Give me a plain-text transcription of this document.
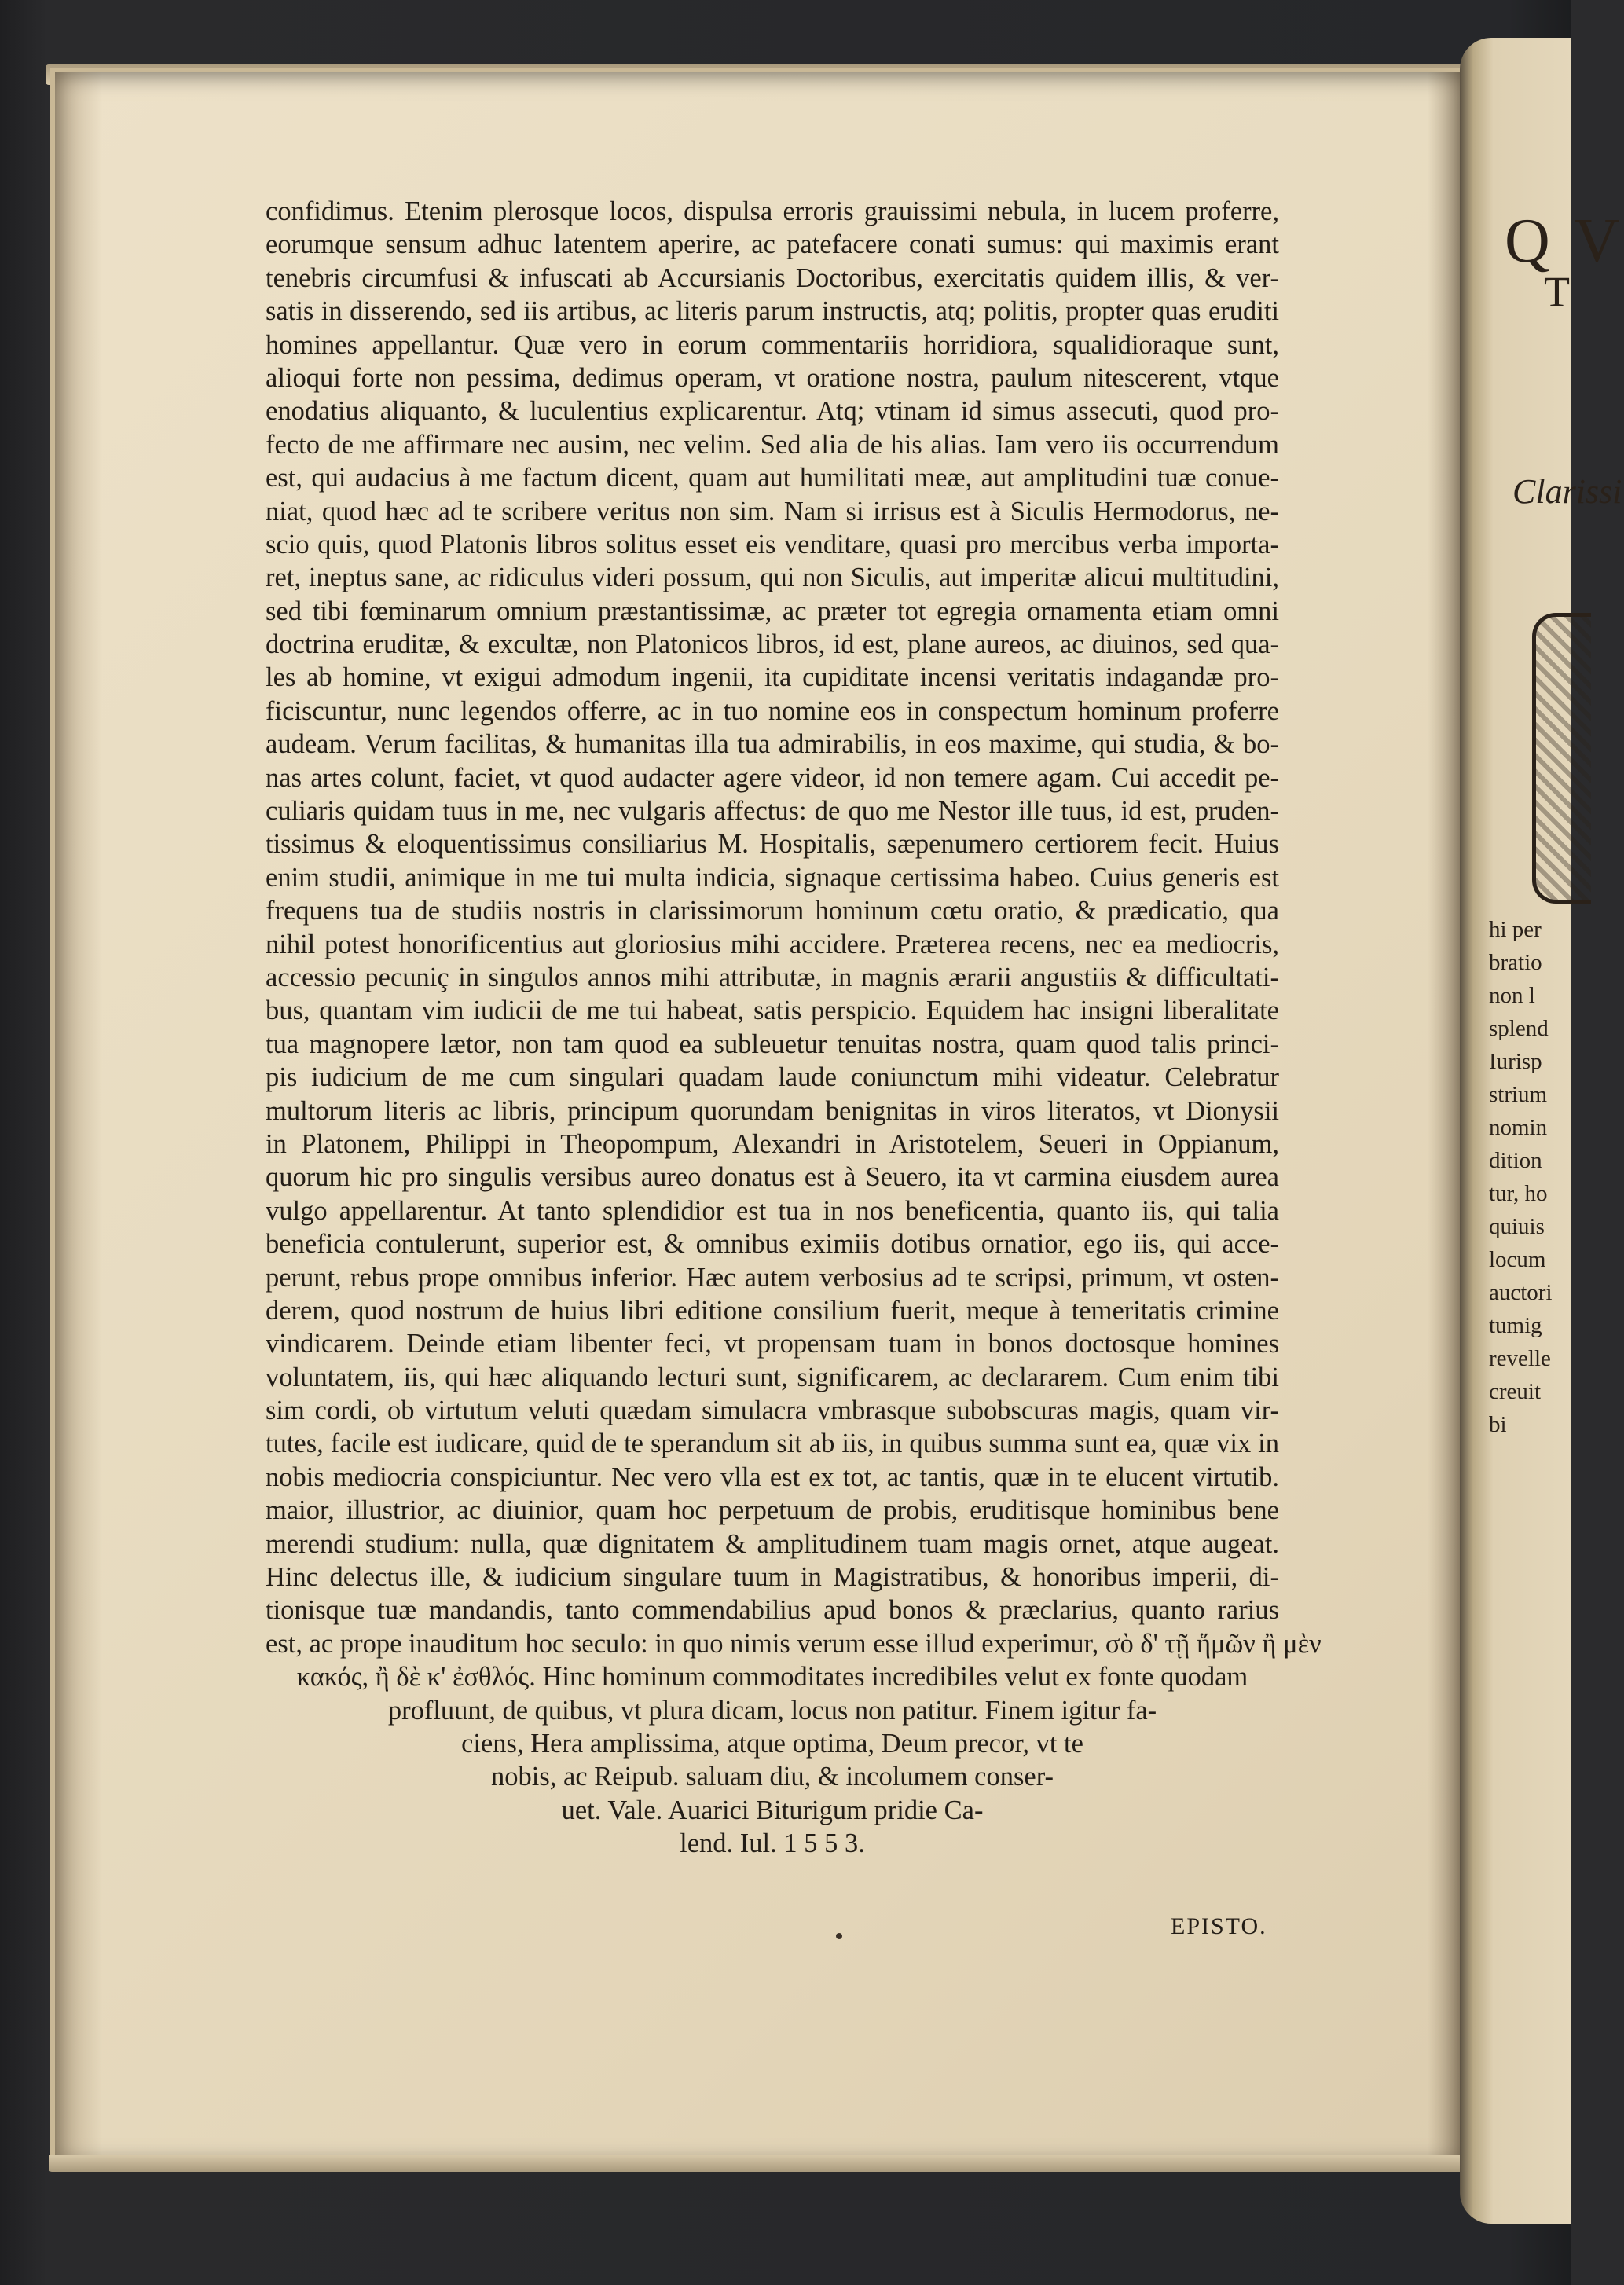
confidimus. Etenim plerosque locos, dispulsa erroris grauissimi nebula, in lucem proferre,
eorumque sensum adhuc latentem aperire, ac patefacere conati sumus: qui maximis erant
tenebris circumfusi & infuscati ab Accursianis Doctoribus, exercitatis quidem illis, & ver-
satis in disserendo, sed iis artibus, ac literis parum instructis, atq; politis, propter quas eruditi
homines appellantur. Quæ vero in eorum commentariis horridiora, squalidioraque sunt,
alioqui forte non pessima, dedimus operam, vt oratione nostra, paulum nitescerent, vtque
enodatius aliquanto, & luculentius explicarentur. Atq; vtinam id simus assecuti, quod pro-
fecto de me affirmare nec ausim, nec velim. Sed alia de his alias. Iam vero iis occurrendum
est, qui audacius à me factum dicent, quam aut humilitati meæ, aut amplitudini tuæ conue-
niat, quod hæc ad te scribere veritus non sim. Nam si irrisus est à Siculis Hermodorus, ne-
scio quis, quod Platonis libros solitus esset eis venditare, quasi pro mercibus verba importa-
ret, ineptus sane, ac ridiculus videri possum, qui non Siculis, aut imperitæ alicui multitudini,
sed tibi fœminarum omnium præstantissimæ, ac præter tot egregia ornamenta etiam omni
doctrina eruditæ, & excultæ, non Platonicos libros, id est, plane aureos, ac diuinos, sed qua-
les ab homine, vt exigui admodum ingenii, ita cupiditate incensi veritatis indagandæ pro-
ficiscuntur, nunc legendos offerre, ac in tuo nomine eos in conspectum hominum proferre
audeam. Verum facilitas, & humanitas illa tua admirabilis, in eos maxime, qui studia, & bo-
nas artes colunt, faciet, vt quod audacter agere videor, id non temere agam. Cui accedit pe-
culiaris quidam tuus in me, nec vulgaris affectus: de quo me Nestor ille tuus, id est, pruden-
tissimus & eloquentissimus consiliarius M. Hospitalis, sæpenumero certiorem fecit. Huius
enim studii, animique in me tui multa indicia, signaque certissima habeo. Cuius generis est
frequens tua de studiis nostris in clarissimorum hominum cœtu oratio, & prædicatio, qua
nihil potest honorificentius aut gloriosius mihi accidere. Præterea recens, nec ea mediocris,
accessio pecuniç in singulos annos mihi attributæ, in magnis ærarii angustiis & difficultati-
bus, quantam vim iudicii de me tui habeat, satis perspicio. Equidem hac insigni liberalitate
tua magnopere lætor, non tam quod ea subleuetur tenuitas nostra, quam quod talis princi-
pis iudicium de me cum singulari quadam laude coniunctum mihi videatur. Celebratur
multorum literis ac libris, principum quorundam benignitas in viros literatos, vt Dionysii
in Platonem, Philippi in Theopompum, Alexandri in Aristotelem, Seueri in Oppianum,
quorum hic pro singulis versibus aureo donatus est à Seuero, ita vt carmina eiusdem aurea
vulgo appellarentur. At tanto splendidior est tua in nos beneficentia, quanto iis, qui talia
beneficia contulerunt, superior est, & omnibus eximiis dotibus ornatior, ego iis, qui acce-
perunt, rebus prope omnibus inferior. Hæc autem verbosius ad te scripsi, primum, vt osten-
derem, quod nostrum de huius libri editione consilium fuerit, meque à temeritatis crimine
vindicarem. Deinde etiam libenter feci, vt propensam tuam in bonos doctosque homines
voluntatem, iis, qui hæc aliquando lecturi sunt, significarem, ac declararem. Cum enim tibi
sim cordi, ob virtutum veluti quædam simulacra vmbrasque subobscuras magis, quam vir-
tutes, facile est iudicare, quid de te sperandum sit ab iis, in quibus summa sunt ea, quæ vix in
nobis mediocria conspiciuntur. Nec vero vlla est ex tot, ac tantis, quæ in te elucent virtutib.
maior, illustrior, ac diuinior, quam hoc perpetuum de probis, eruditisque hominibus bene
merendi studium: nulla, quæ dignitatem & amplitudinem tuam magis ornet, atque augeat.
Hinc delectus ille, & iudicium singulare tuum in Magistratibus, & honoribus imperii, di-
tionisque tuæ mandandis, tanto commendabilius apud bonos & præclarius, quanto rarius
est, ac prope inauditum hoc seculo: in quo nimis verum esse illud experimur, σὸ δ' τῇ ἥμῶν ἢ μὲν
κακός, ἢ δὲ κ' ἐσθλός. Hinc hominum commoditates incredibiles velut ex fonte quodam
profluunt, de quibus, vt plura dicam, locus non patitur. Finem igitur fa-
ciens, Hera amplissima, atque optima, Deum precor, vt te
nobis, ac Reipub. saluam diu, & incolumem conser-
uet. Vale. Auarici Biturigum pridie Ca-
lend. Iul. 1 5 5 3.
EPISTO.
Q V
T
Clarissi
hi per
bratio
non l
splend
Iurisp
strium
nomin
dition
tur, ho
quiuis
locum
auctori
tumig
revelle
creuit
bi
